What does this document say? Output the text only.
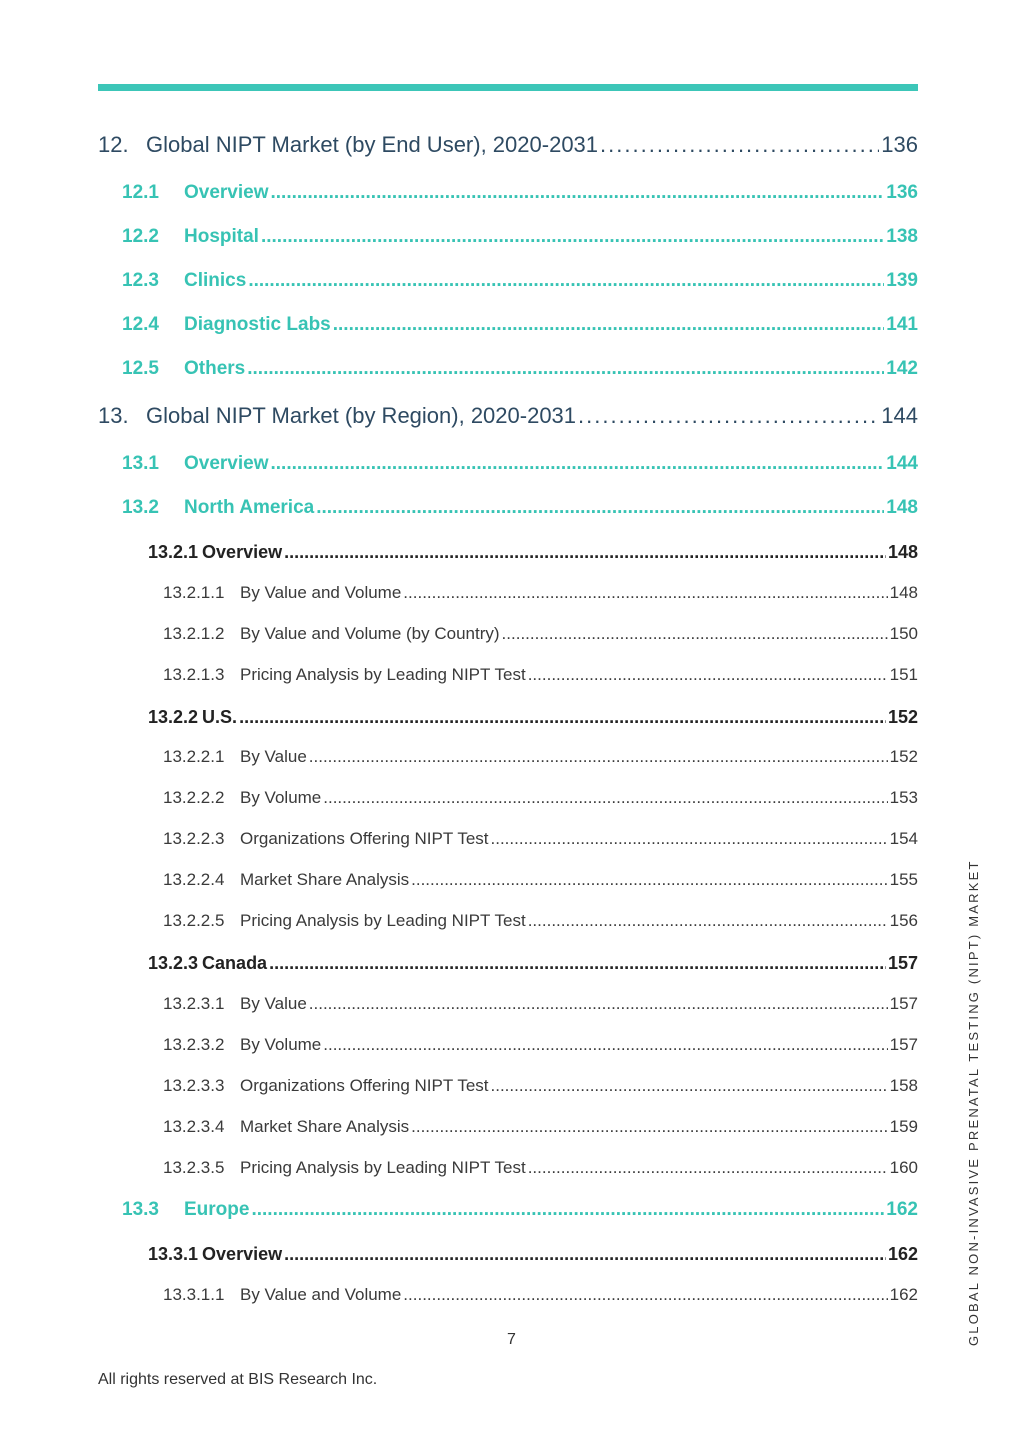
12. Global NIPT Market (by End User), 2020-2031 .....	136
12.1	Overview .....	136
12.2	Hospital .....	138
12.3	Clinics .....	139
12.4	Diagnostic Labs .....	141
12.5	Others .....	142
13. Global NIPT Market (by Region), 2020-2031 .....	144
13.1	Overview .....	144
13.2	North America .....	148
13.2.1 Overview .....	148
13.2.1.1 By Value and Volume .....	148
13.2.1.2 By Value and Volume (by Country) .....	150
13.2.1.3 Pricing Analysis by Leading NIPT Test .....	151
13.2.2 U.S. .....	152
13.2.2.1 By Value .....	152
13.2.2.2 By Volume .....	153
13.2.2.3 Organizations Offering NIPT Test .....	154
13.2.2.4 Market Share Analysis .....	155
13.2.2.5 Pricing Analysis by Leading NIPT Test .....	156
13.2.3 Canada .....	157
13.2.3.1 By Value .....	157
13.2.3.2 By Volume .....	157
13.2.3.3 Organizations Offering NIPT Test .....	158
13.2.3.4 Market Share Analysis .....	159
13.2.3.5 Pricing Analysis by Leading NIPT Test .....	160
13.3	Europe .....	162
13.3.1 Overview .....	162
13.3.1.1 By Value and Volume .....	162
7
All rights reserved at BIS Research Inc.
GLOBAL NON-INVASIVE PRENATAL TESTING (NIPT) MARKET
